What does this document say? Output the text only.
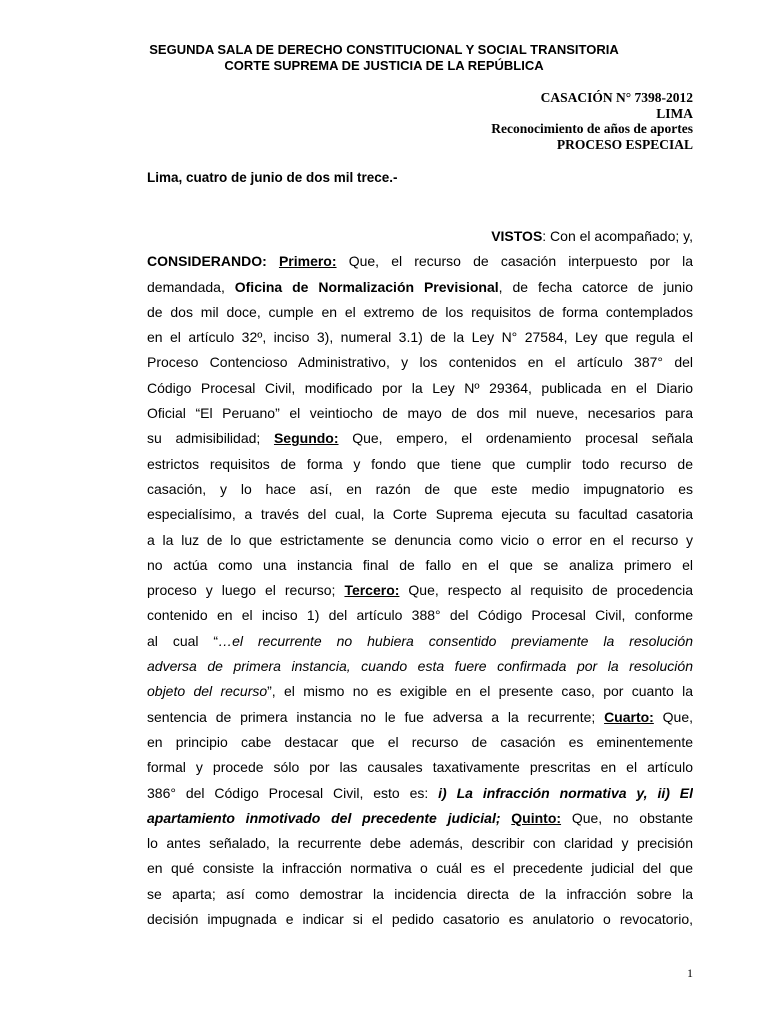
SEGUNDA SALA DE DERECHO CONSTITUCIONAL Y SOCIAL TRANSITORIA
CORTE SUPREMA DE JUSTICIA DE LA REPÚBLICA
CASACIÓN N° 7398-2012
LIMA
Reconocimiento de años de aportes
PROCESO ESPECIAL
Lima, cuatro de junio de dos mil trece.-
VISTOS: Con el acompañado; y,
CONSIDERANDO: Primero: Que, el recurso de casación interpuesto por la
demandada, Oficina de Normalización Previsional, de fecha catorce de junio
de dos mil doce, cumple en el extremo de los requisitos de forma contemplados
en el artículo 32º, inciso 3), numeral 3.1) de la Ley N° 27584, Ley que regula el
Proceso Contencioso Administrativo, y los contenidos en el artículo 387° del
Código Procesal Civil, modificado por la Ley Nº 29364, publicada en el Diario
Oficial “El Peruano” el veintiocho de mayo de dos mil nueve, necesarios para
su admisibilidad; Segundo: Que, empero, el ordenamiento procesal señala
estrictos requisitos de forma y fondo que tiene que cumplir todo recurso de
casación, y lo hace así, en razón de que este medio impugnatorio es
especialísimo, a través del cual, la Corte Suprema ejecuta su facultad casatoria
a la luz de lo que estrictamente se denuncia como vicio o error en el recurso y
no actúa como una instancia final de fallo en el que se analiza primero el
proceso y luego el recurso; Tercero: Que, respecto al requisito de procedencia
contenido en el inciso 1) del artículo 388° del Código Procesal Civil, conforme
al cual “…el recurrente no hubiera consentido previamente la resolución
adversa de primera instancia, cuando esta fuere confirmada por la resolución
objeto del recurso”, el mismo no es exigible en el presente caso, por cuanto la
sentencia de primera instancia no le fue adversa a la recurrente; Cuarto: Que,
en principio cabe destacar que el recurso de casación es eminentemente
formal y procede sólo por las causales taxativamente prescritas en el artículo
386° del Código Procesal Civil, esto es: i) La infracción normativa y, ii) El
apartamiento inmotivado del precedente judicial; Quinto: Que, no obstante
lo antes señalado, la recurrente debe además, describir con claridad y precisión
en qué consiste la infracción normativa o cuál es el precedente judicial del que
se aparta; así como demostrar la incidencia directa de la infracción sobre la
decisión impugnada e indicar si el pedido casatorio es anulatorio o revocatorio,
1
